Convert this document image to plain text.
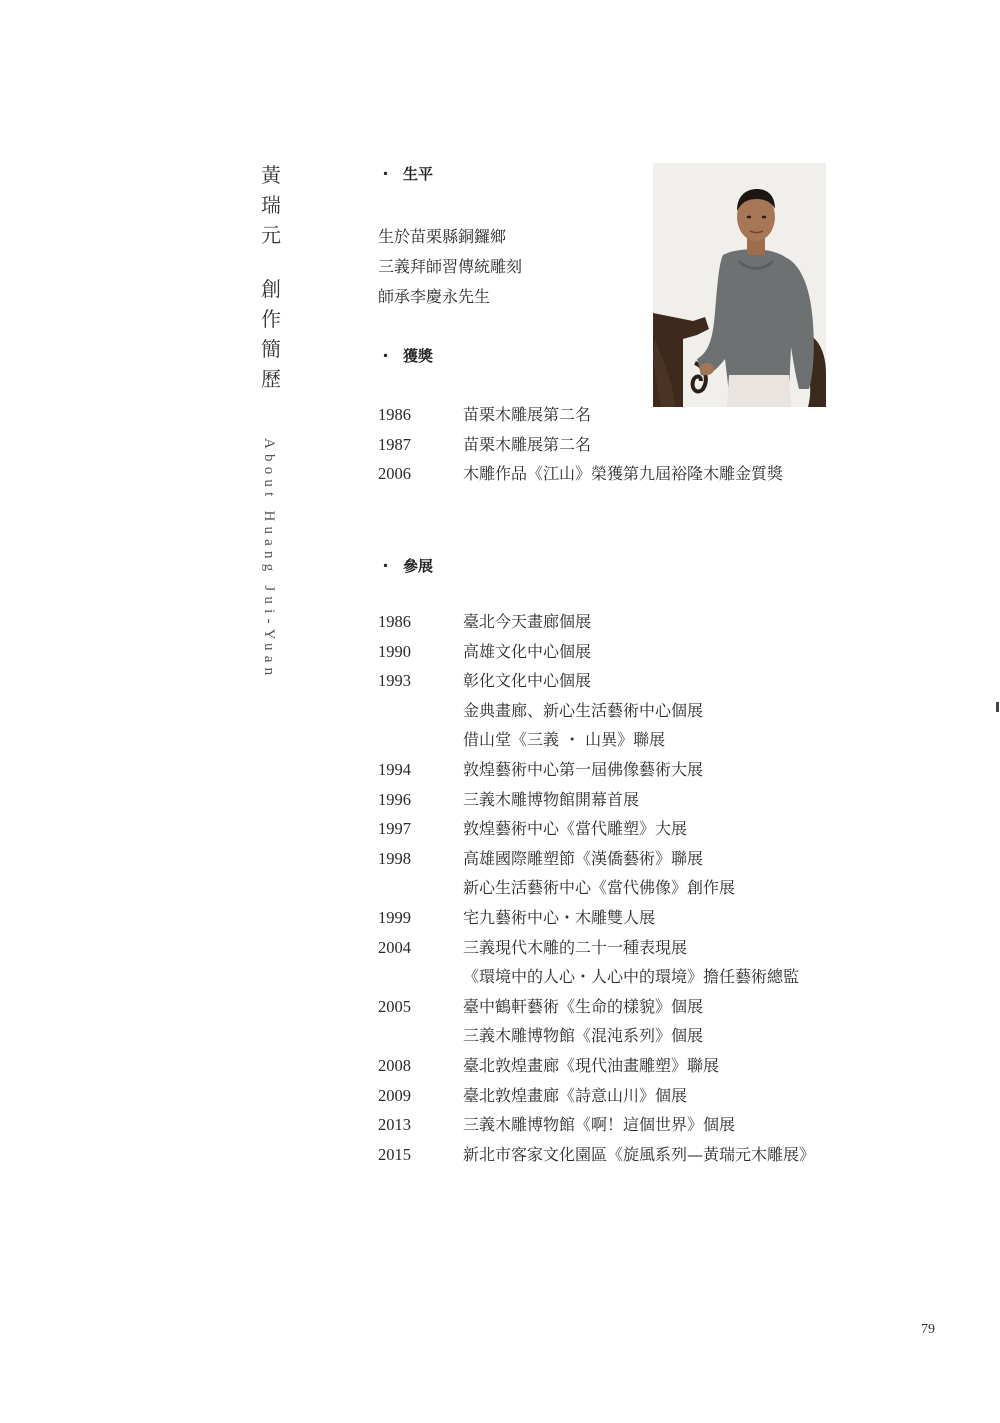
黃
瑞
元
創
作
簡
歷
About Huang Jui-Yuan
・ 生平
生於苗栗縣銅鑼鄉
三義拜師習傳統雕刻
師承李慶永先生
・ 獲獎
1986	苗栗木雕展第二名
1987	苗栗木雕展第二名
2006	木雕作品《江山》榮獲第九屆裕隆木雕金質獎
・ 參展
1986	臺北今天畫廊個展
1990	高雄文化中心個展
1993	彰化文化中心個展
金典畫廊、新心生活藝術中心個展
借山堂《三義 ・ 山異》聯展
1994	敦煌藝術中心第一屆佛像藝術大展
1996	三義木雕博物館開幕首展
1997	敦煌藝術中心《當代雕塑》大展
1998	高雄國際雕塑節《漢僑藝術》聯展
新心生活藝術中心《當代佛像》創作展
1999	宅九藝術中心・木雕雙人展
2004	三義現代木雕的二十一種表現展
《環境中的人心・人心中的環境》擔任藝術總監
2005	臺中鶴軒藝術《生命的樣貌》個展
三義木雕博物館《混沌系列》個展
2008	臺北敦煌畫廊《現代油畫雕塑》聯展
2009	臺北敦煌畫廊《詩意山川》個展
2013	三義木雕博物館《啊！這個世界》個展
2015	新北市客家文化園區《旋風系列—黃瑞元木雕展》
79
